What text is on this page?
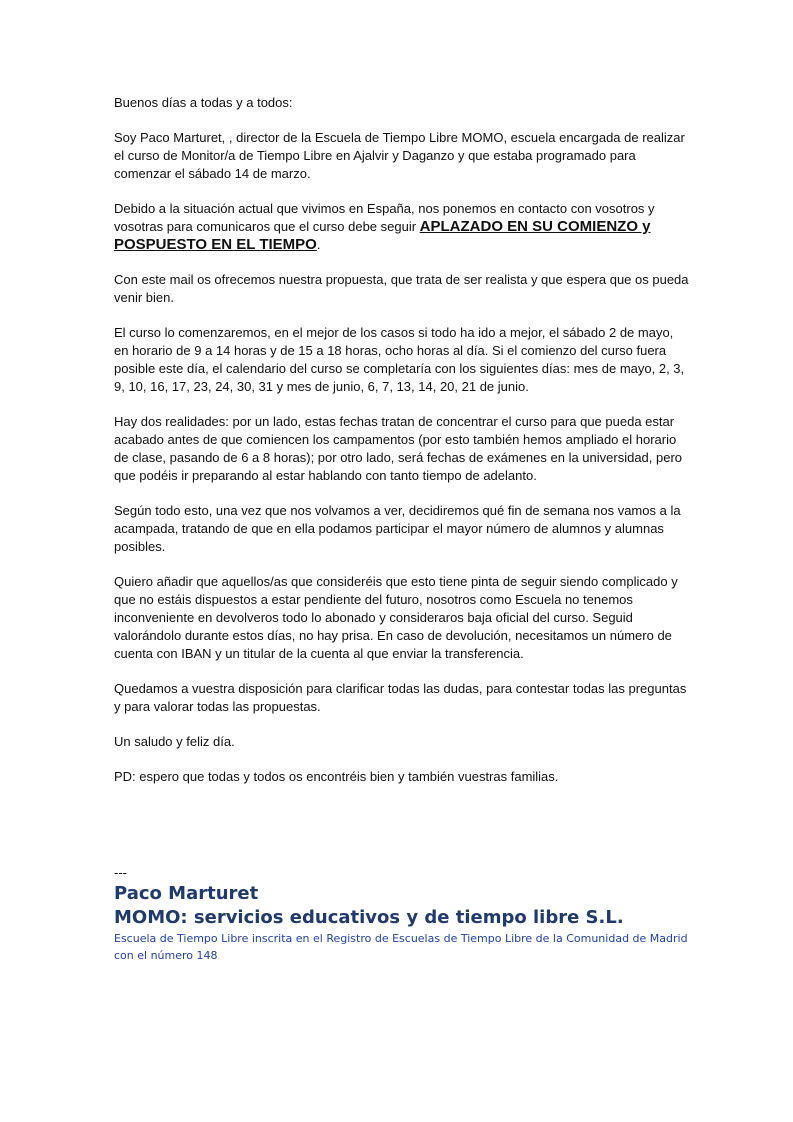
Buenos días a todas y a todos:

Soy Paco Marturet, , director de la Escuela de Tiempo Libre MOMO, escuela encargada de realizar el curso de Monitor/a de Tiempo Libre en Ajalvir y Daganzo y que estaba programado para comenzar el sábado 14 de marzo.

Debido a la situación actual que vivimos en España, nos ponemos en contacto con vosotros y vosotras para comunicaros que el curso debe seguir APLAZADO EN SU COMIENZO y POSPUESTO EN EL TIEMPO.

Con este mail os ofrecemos nuestra propuesta, que trata de ser realista y que espera que os pueda venir bien.

El curso lo comenzaremos, en el mejor de los casos si todo ha ido a mejor, el sábado 2 de mayo, en horario de 9 a 14 horas y de 15 a 18 horas, ocho horas al día. Si el comienzo del curso fuera posible este día, el calendario del curso se completaría con los siguientes días: mes de mayo, 2, 3, 9, 10, 16, 17, 23, 24, 30, 31 y mes de junio, 6, 7, 13, 14, 20, 21 de junio.

Hay dos realidades: por un lado, estas fechas tratan de concentrar el curso para que pueda estar acabado antes de que comiencen los campamentos (por esto también hemos ampliado el horario de clase, pasando de 6 a 8 horas); por otro lado, será fechas de exámenes en la universidad, pero que podéis ir preparando al estar hablando con tanto tiempo de adelanto.

Según todo esto, una vez que nos volvamos a ver, decidiremos qué fin de semana nos vamos a la acampada, tratando de que en ella podamos participar el mayor número de alumnos y alumnas posibles.

Quiero añadir que aquellos/as que consideréis que esto tiene pinta de seguir siendo complicado y que no estáis dispuestos a estar pendiente del futuro, nosotros como Escuela no tenemos inconveniente en devolveros todo lo abonado y consideraros baja oficial del curso. Seguid valorándolo durante estos días, no hay prisa. En caso de devolución, necesitamos un número de cuenta con IBAN y un titular de la cuenta al que enviar la transferencia.

Quedamos a vuestra disposición para clarificar todas las dudas, para contestar todas las preguntas y para valorar todas las propuestas.

Un saludo y feliz día.

PD: espero que todas y todos os encontréis bien y también vuestras familias.

---
Paco Marturet
MOMO: servicios educativos y de tiempo libre S.L.
Escuela de Tiempo Libre inscrita en el Registro de Escuelas de Tiempo Libre de la Comunidad de Madrid con el número 148
